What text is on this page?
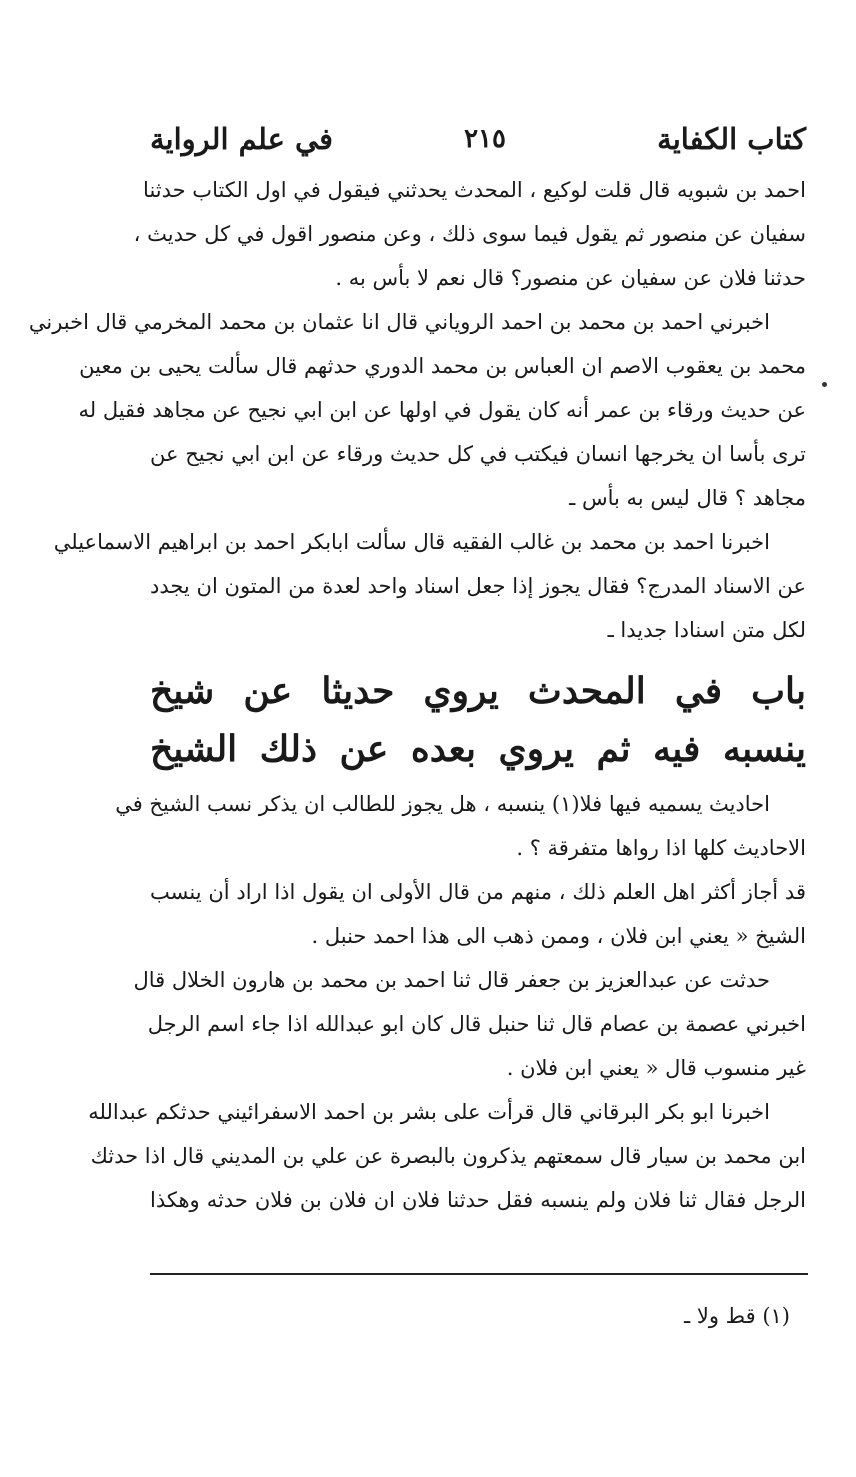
كتاب الكفاية
٢١٥
في علم الرواية
احمد بن شبويه قال قلت لوكيع ، المحدث يحدثني فيقول في اول الكتاب حدثنا
سفيان عن منصور ثم يقول فيما سوى ذلك ، وعن منصور اقول في كل حديث ،
حدثنا فلان عن سفيان عن منصور؟ قال نعم لا بأس به .
اخبرني احمد بن محمد بن احمد الروياني قال انا عثمان بن محمد المخرمي قال اخبرني
محمد بن يعقوب الاصم ان العباس بن محمد الدوري حدثهم قال سألت يحيى بن معين
عن حديث ورقاء بن عمر أنه كان يقول في اولها عن ابن ابي نجيح عن مجاهد فقيل له
ترى بأسا ان يخرجها انسان فيكتب في كل حديث ورقاء عن ابن ابي نجيح عن
مجاهد ؟ قال ليس به بأس ـ
اخبرنا احمد بن محمد بن غالب الفقيه قال سألت ابابكر احمد بن ابراهيم الاسماعيلي
عن الاسناد المدرج؟ فقال يجوز إذا جعل اسناد واحد لعدة من المتون ان يجدد
لكل متن اسنادا جديدا ـ
باب في المحدث يروي حديثا عن شيخ
ينسبه فيه ثم يروي بعده عن ذلك الشيخ
احاديث يسميه فيها فلا(١) ينسبه ، هل يجوز للطالب ان يذكر نسب الشيخ في
الاحاديث كلها اذا رواها متفرقة ؟ .
قد أجاز أكثر اهل العلم ذلك ، منهم من قال الأولى ان يقول اذا اراد أن ينسب
الشيخ « يعني ابن فلان ، وممن ذهب الى هذا احمد حنبل .
حدثت عن عبدالعزيز بن جعفر قال ثنا احمد بن محمد بن هارون الخلال قال
اخبرني عصمة بن عصام قال ثنا حنبل قال كان ابو عبدالله اذا جاء اسم الرجل
غير منسوب قال « يعني ابن فلان .
اخبرنا ابو بكر البرقاني قال قرأت على بشر بن احمد الاسفرائيني حدثكم عبدالله
ابن محمد بن سيار قال سمعتهم يذكرون بالبصرة عن علي بن المديني قال اذا حدثك
الرجل فقال ثنا فلان ولم ينسبه فقل حدثنا فلان ان فلان بن فلان حدثه وهكذا
(١) قط ولا ـ
